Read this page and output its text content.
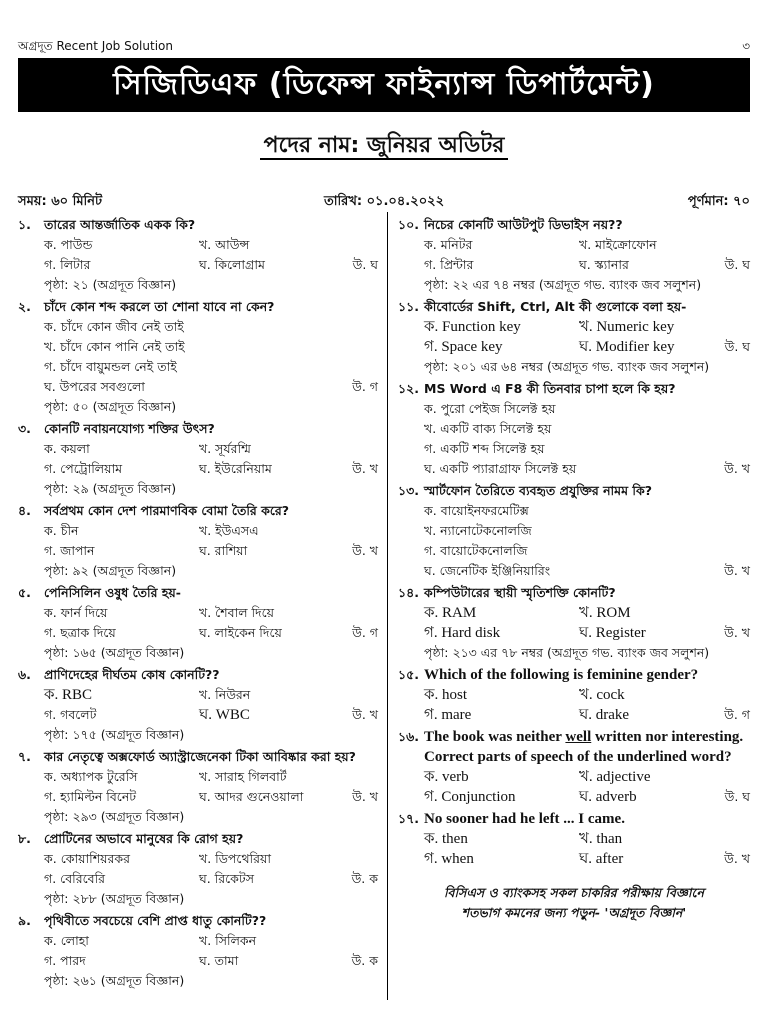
অগ্রদূত Recent Job Solution	৩
সিজিডিএফ (ডিফেন্স ফাইন্যান্স ডিপার্টমেন্ট)
পদের নাম: জুনিয়র অডিটর
সময়: ৬০ মিনিট	তারিখ: ০১.০৪.২০২২	পূর্ণমান: ৭০
১.	তারের আন্তর্জাতিক একক কি?
ক. পাউন্ড	খ. আউন্স
গ. লিটার	ঘ. কিলোগ্রাম	উ. ঘ
পৃষ্ঠা: ২১ (অগ্রদূত বিজ্ঞান)
২.	চাঁদে কোন শব্দ করলে তা শোনা যাবে না কেন?
ক. চাঁদে কোন জীব নেই তাই
খ. চাঁদে কোন পানি নেই তাই
গ. চাঁদে বায়ুমন্ডল নেই তাই
ঘ. উপরের সবগুলো	উ. গ
পৃষ্ঠা: ৫০ (অগ্রদূত বিজ্ঞান)
৩.	কোনটি নবায়নযোগ্য শক্তির উৎস?
ক. কয়লা	খ. সূর্যরশ্মি
গ. পেট্রোলিয়াম	ঘ. ইউরেনিয়াম	উ. খ
পৃষ্ঠা: ২৯ (অগ্রদূত বিজ্ঞান)
৪.	সর্বপ্রথম কোন দেশ পারমাণবিক বোমা তৈরি করে?
ক. চীন	খ. ইউএসএ
গ. জাপান	ঘ. রাশিয়া	উ. খ
পৃষ্ঠা: ৯২ (অগ্রদূত বিজ্ঞান)
৫.	পেনিসিলিন ওষুধ তৈরি হয়-
ক. ফার্ন দিয়ে	খ. শৈবাল দিয়ে
গ. ছত্রাক দিয়ে	ঘ. লাইকেন দিয়ে	উ. গ
পৃষ্ঠা: ১৬৫ (অগ্রদূত বিজ্ঞান)
৬.	প্রাণিদেহের দীর্ঘতম কোষ কোনটি??
ক. RBC	খ. নিউরন
গ. গবলেট	ঘ. WBC	উ. খ
পৃষ্ঠা: ১৭৫ (অগ্রদূত বিজ্ঞান)
৭.	কার নেতৃত্বে অক্সফোর্ড অ্যাস্ট্রাজেনেকা টিকা আবিষ্কার করা হয়?
ক. অধ্যাপক টুরেসি	খ. সারাহ গিলবার্ট
গ. হ্যামিল্টন বিনেট	ঘ. আদর গুনেওয়ালা	উ. খ
পৃষ্ঠা: ২৯৩ (অগ্রদূত বিজ্ঞান)
৮.	প্রোটিনের অভাবে মানুষের কি রোগ হয়?
ক. কোয়াশিয়রকর	খ. ডিপথেরিয়া
গ. বেরিবেরি	ঘ. রিকেটস	উ. ক
পৃষ্ঠা: ২৮৮ (অগ্রদূত বিজ্ঞান)
৯.	পৃথিবীতে সবচেয়ে বেশি প্রাপ্ত ধাতু কোনটি??
ক. লোহা	খ. সিলিকন
গ. পারদ	ঘ. তামা	উ. ক
পৃষ্ঠা: ২৬১ (অগ্রদূত বিজ্ঞান)
১০. নিচের কোনটি আউটপুট ডিভাইস নয়??
ক. মনিটর	খ. মাইক্রোফোন
গ. প্রিন্টার	ঘ. স্ক্যানার	উ. ঘ
পৃষ্ঠা: ২২ এর ৭৪ নম্বর (অগ্রদূত গভ. ব্যাংক জব সলুশন)
১১. কীবোর্ডের Shift, Ctrl, Alt কী গুলোকে বলা হয়-
ক. Function key	খ. Numeric key
গ. Space key	ঘ. Modifier key	উ. ঘ
পৃষ্ঠা: ২০১ এর ৬৪ নম্বর (অগ্রদূত গভ. ব্যাংক জব সলুশন)
১২. MS Word এ F8 কী তিনবার চাপা হলে কি হয়?
ক. পুরো পেইজ সিলেক্ট হয়
খ. একটি বাক্য সিলেক্ট হয়
গ. একটি শব্দ সিলেক্ট হয়
ঘ. একটি প্যারাগ্রাফ সিলেক্ট হয়	উ. খ
১৩. স্মার্টফোন তৈরিতে ব্যবহৃত প্রযুক্তির নামম কি?
ক. বায়োইনফরমেটিক্স
খ. ন্যানোটেকনোলজি
গ. বায়োটেকনোলজি
ঘ. জেনেটিক ইঞ্জিনিয়ারিং	উ. খ
১৪. কম্পিউটারের স্থায়ী স্মৃতিশক্তি কোনটি?
ক. RAM	খ. ROM
গ. Hard disk	ঘ. Register	উ. খ
পৃষ্ঠা: ২১৩ এর ৭৮ নম্বর (অগ্রদূত গভ. ব্যাংক জব সলুশন)
১৫. Which of the following is feminine gender?
ক. host	খ. cock
গ. mare	ঘ. drake	উ. গ
১৬. The book was neither well written nor interesting. Correct parts of speech of the underlined word?
ক. verb	খ. adjective
গ. Conjunction	ঘ. adverb	উ. ঘ
১৭. No sooner had he left ... I came.
ক. then	খ. than
গ. when	ঘ. after	উ. খ
বিসিএস ও ব্যাংকসহ সকল চাকরির পরীক্ষায় বিজ্ঞানে
শতভাগ কমনের জন্য পড়ুন- 'অগ্রদূত বিজ্ঞান'
